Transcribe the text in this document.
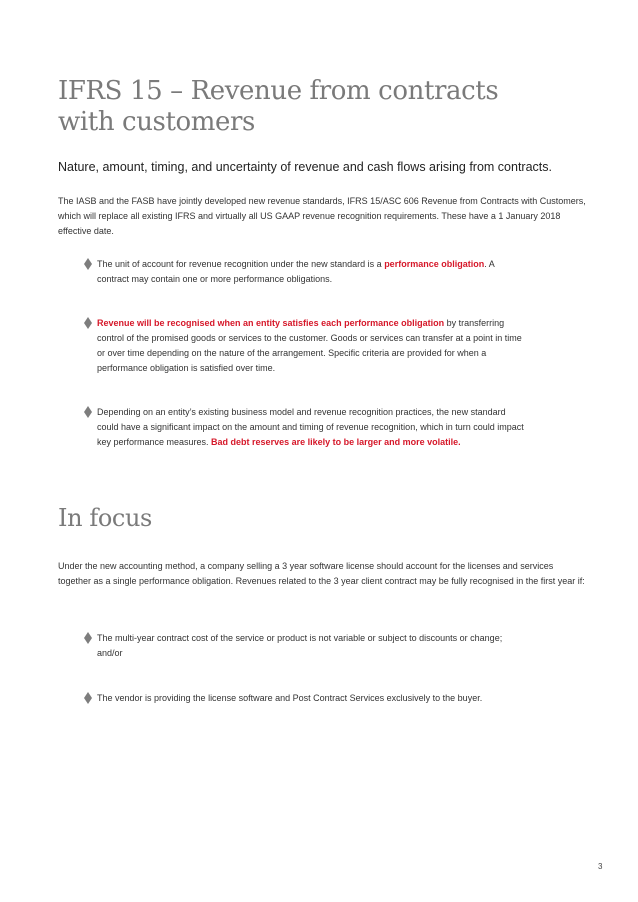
IFRS 15 – Revenue from contracts
with customers
Nature, amount, timing, and uncertainty of revenue and cash flows arising from contracts.

The IASB and the FASB have jointly developed new revenue standards, IFRS 15/ASC 606 Revenue from Contracts with Customers, which will replace all existing IFRS and virtually all US GAAP revenue recognition requirements. These have a 1 January 2018 effective date.

The unit of account for revenue recognition under the new standard is a performance obligation. A contract may contain one or more performance obligations.
Revenue will be recognised when an entity satisfies each performance obligation by transferring control of the promised goods or services to the customer. Goods or services can transfer at a point in time or over time depending on the nature of the arrangement. Specific criteria are provided for when a performance obligation is satisfied over time.
Depending on an entity’s existing business model and revenue recognition practices, the new standard could have a significant impact on the amount and timing of revenue recognition, which in turn could impact key performance measures. Bad debt reserves are likely to be larger and more volatile.
In focus

Under the new accounting method, a company selling a 3 year software license should account for the licenses and services together as a single performance obligation. Revenues related to the 3 year client contract may be fully recognised in the first year if:

The multi-year contract cost of the service or product is not variable or subject to discounts or change; and/or
The vendor is providing the license software and Post Contract Services exclusively to the buyer.
3
